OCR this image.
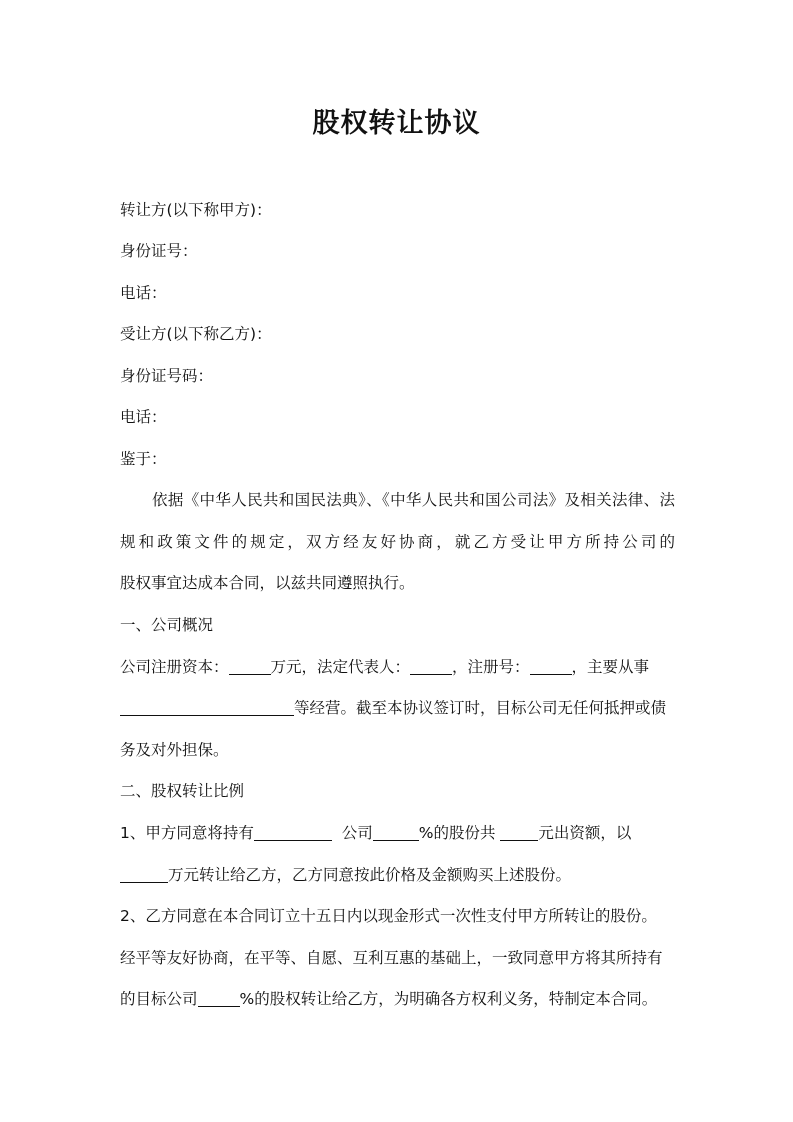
股权转让协议
转让方(以下称甲方)：
身份证号：
电话：
受让方(以下称乙方)：
身份证号码：
电话：
鉴于：
依据《中华人民共和国民法典》、《中华人民共和国公司法》及相关法律、法
规和政策文件的规定，双方经友好协商，就乙方受让甲方所持公司的
股权事宜达成本合同，以兹共同遵照执行。
一、公司概况
公司注册资本：	万元，法定代表人：	，注册号：	，主要从事
等经营。截至本协议签订时，目标公司无任何抵押或债
务及对外担保。
二、股权转让比例
1、甲方同意将持有	公司	%的股份共	元出资额，以
万元转让给乙方，乙方同意按此价格及金额购买上述股份。
2、乙方同意在本合同订立十五日内以现金形式一次性支付甲方所转让的股份。
经平等友好协商，在平等、自愿、互利互惠的基础上，一致同意甲方将其所持有
的目标公司	%的股权转让给乙方，为明确各方权利义务，特制定本合同。
